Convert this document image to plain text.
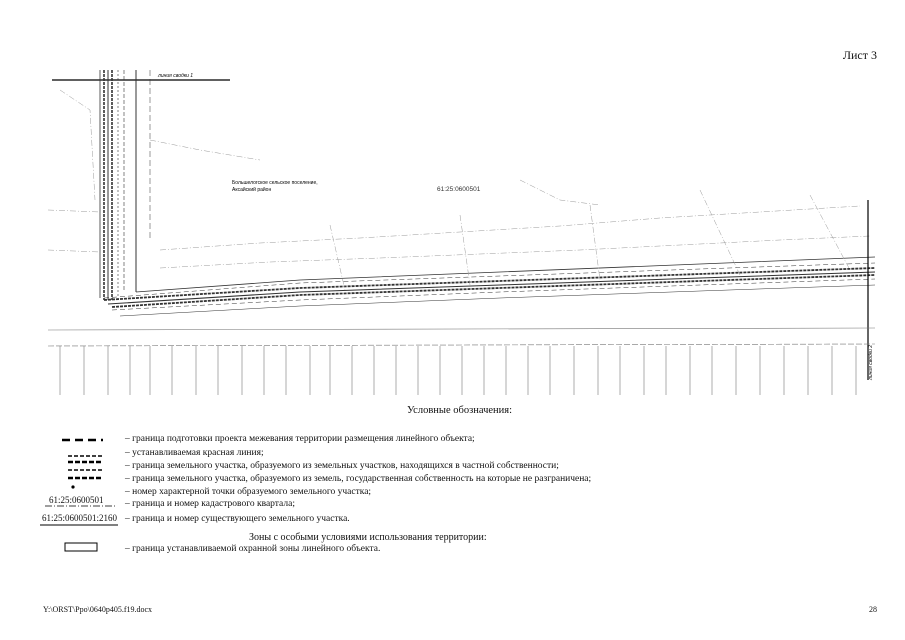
Лист 3
линия сводки 1
линия сводки 2
Большелогское сельское поселение,
Аксайский район	61:25:0600501
Условные обозначения:
– граница подготовки проекта межевания территории размещения линейного объекта;
– устанавливаемая красная линия;
– граница земельного участка, образуемого из земельных участков, находящихся в частной собственности;
– граница земельного участка, образуемого из земель, государственная собственность на которые не разграничена;
– номер характерной точки образуемого земельного участка;
– граница и номер кадастрового квартала;
– граница и номер существующего земельного участка.
61:25:0600501
61:25:0600501:2160
Зоны с особыми условиями использования территории:
– граница устанавливаемой охранной зоны линейного объекта.
Y:\ORST\Ppo\0640p405.f19.docx	28
